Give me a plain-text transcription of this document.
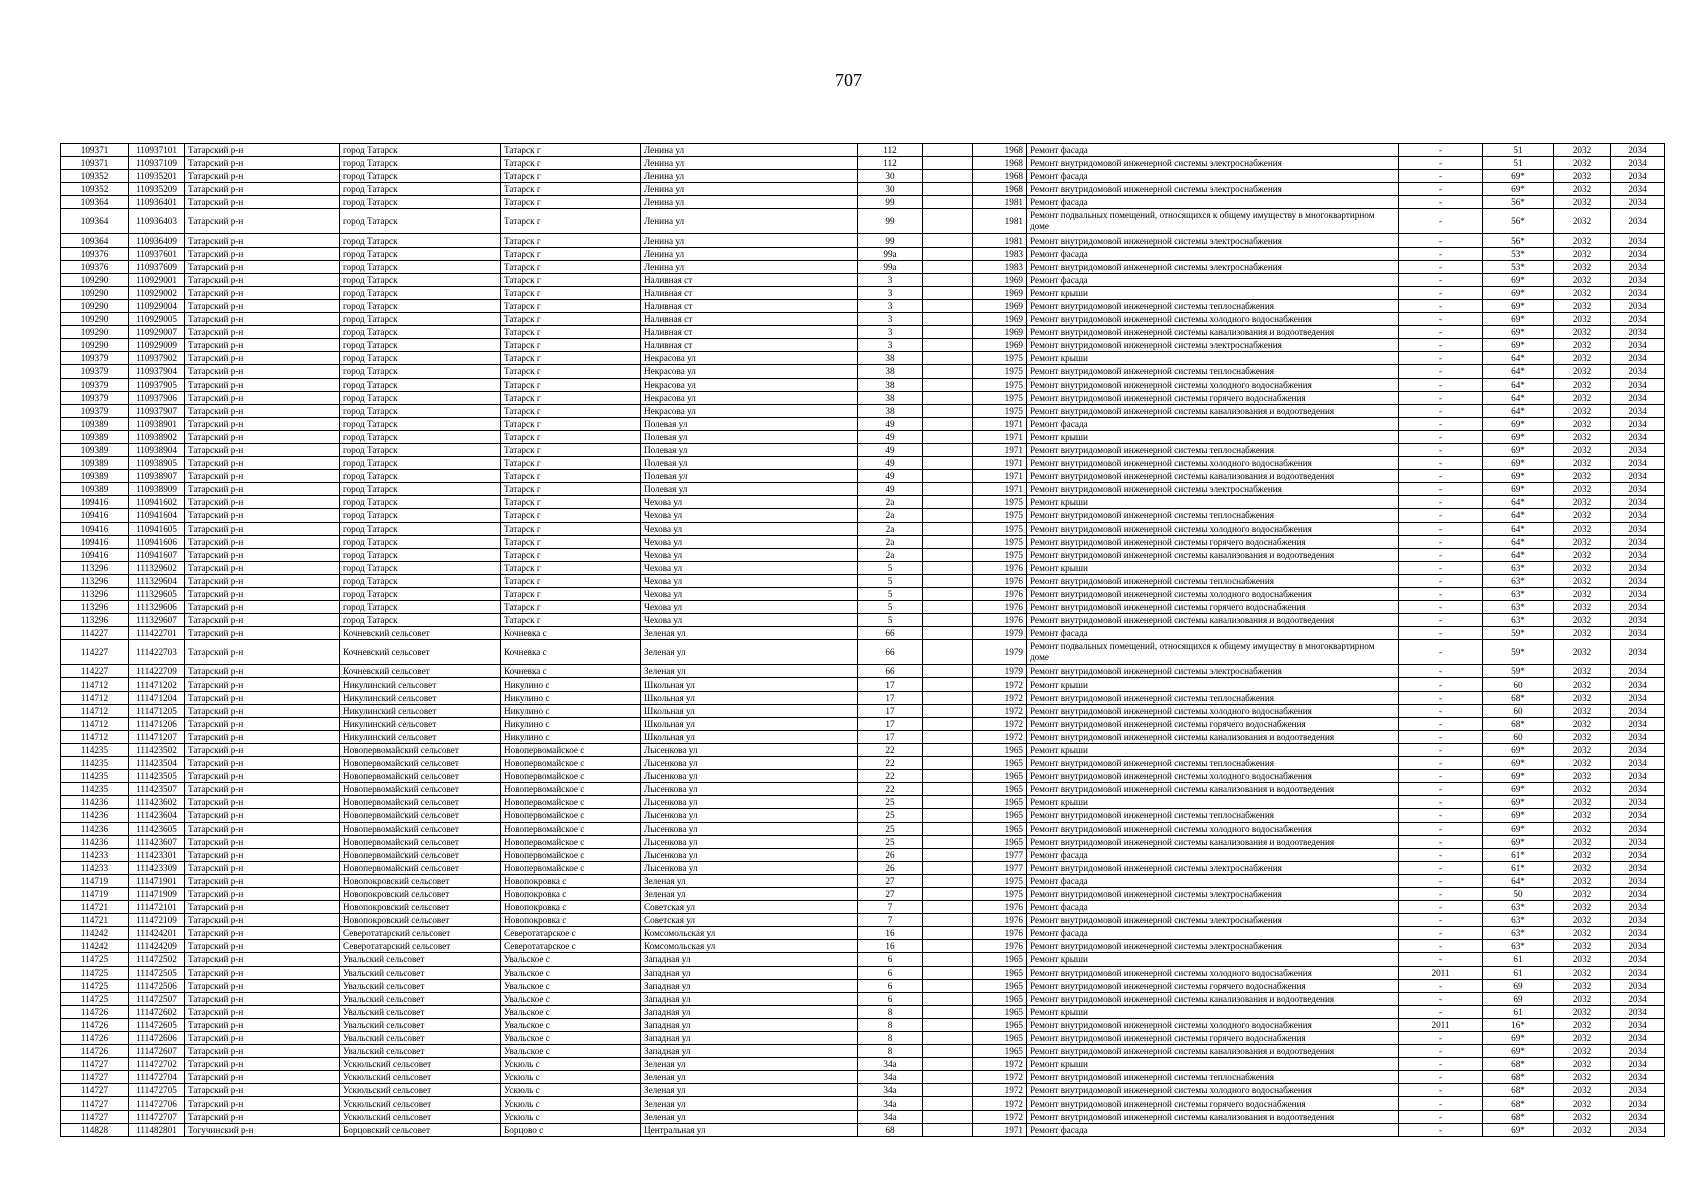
707
109371	110937101	Татарский р-н	город Татарск	Татарск г	Ленина ул	112		1968	Ремонт фасада	-	51	2032	2034
109371	110937109	Татарский р-н	город Татарск	Татарск г	Ленина ул	112		1968	Ремонт внутридомовой инженерной системы электроснабжения	-	51	2032	2034
109352	110935201	Татарский р-н	город Татарск	Татарск г	Ленина ул	30		1968	Ремонт фасада	-	69*	2032	2034
109352	110935209	Татарский р-н	город Татарск	Татарск г	Ленина ул	30		1968	Ремонт внутридомовой инженерной системы электроснабжения	-	69*	2032	2034
109364	110936401	Татарский р-н	город Татарск	Татарск г	Ленина ул	99		1981	Ремонт фасада	-	56*	2032	2034
109364	110936403	Татарский р-н	город Татарск	Татарск г	Ленина ул	99		1981	Ремонт подвальных помещений, относящихся к общему имуществу в многоквартирном доме	-	56*	2032	2034
109364	110936409	Татарский р-н	город Татарск	Татарск г	Ленина ул	99		1981	Ремонт внутридомовой инженерной системы электроснабжения	-	56*	2032	2034
109376	110937601	Татарский р-н	город Татарск	Татарск г	Ленина ул	99а		1983	Ремонт фасада	-	53*	2032	2034
109376	110937609	Татарский р-н	город Татарск	Татарск г	Ленина ул	99а		1983	Ремонт внутридомовой инженерной системы электроснабжения	-	53*	2032	2034
109290	110929001	Татарский р-н	город Татарск	Татарск г	Наливная ст	3		1969	Ремонт фасада	-	69*	2032	2034
109290	110929002	Татарский р-н	город Татарск	Татарск г	Наливная ст	3		1969	Ремонт крыши	-	69*	2032	2034
109290	110929004	Татарский р-н	город Татарск	Татарск г	Наливная ст	3		1969	Ремонт внутридомовой инженерной системы теплоснабжения	-	69*	2032	2034
109290	110929005	Татарский р-н	город Татарск	Татарск г	Наливная ст	3		1969	Ремонт внутридомовой инженерной системы холодного водоснабжения	-	69*	2032	2034
109290	110929007	Татарский р-н	город Татарск	Татарск г	Наливная ст	3		1969	Ремонт внутридомовой инженерной системы канализования и водоотведения	-	69*	2032	2034
109290	110929009	Татарский р-н	город Татарск	Татарск г	Наливная ст	3		1969	Ремонт внутридомовой инженерной системы электроснабжения	-	69*	2032	2034
109379	110937902	Татарский р-н	город Татарск	Татарск г	Некрасова ул	38		1975	Ремонт крыши	-	64*	2032	2034
109379	110937904	Татарский р-н	город Татарск	Татарск г	Некрасова ул	38		1975	Ремонт внутридомовой инженерной системы теплоснабжения	-	64*	2032	2034
109379	110937905	Татарский р-н	город Татарск	Татарск г	Некрасова ул	38		1975	Ремонт внутридомовой инженерной системы холодного водоснабжения	-	64*	2032	2034
109379	110937906	Татарский р-н	город Татарск	Татарск г	Некрасова ул	38		1975	Ремонт внутридомовой инженерной системы горячего водоснабжения	-	64*	2032	2034
109379	110937907	Татарский р-н	город Татарск	Татарск г	Некрасова ул	38		1975	Ремонт внутридомовой инженерной системы канализования и водоотведения	-	64*	2032	2034
109389	110938901	Татарский р-н	город Татарск	Татарск г	Полевая ул	49		1971	Ремонт фасада	-	69*	2032	2034
109389	110938902	Татарский р-н	город Татарск	Татарск г	Полевая ул	49		1971	Ремонт крыши	-	69*	2032	2034
109389	110938904	Татарский р-н	город Татарск	Татарск г	Полевая ул	49		1971	Ремонт внутридомовой инженерной системы теплоснабжения	-	69*	2032	2034
109389	110938905	Татарский р-н	город Татарск	Татарск г	Полевая ул	49		1971	Ремонт внутридомовой инженерной системы холодного водоснабжения	-	69*	2032	2034
109389	110938907	Татарский р-н	город Татарск	Татарск г	Полевая ул	49		1971	Ремонт внутридомовой инженерной системы канализования и водоотведения	-	69*	2032	2034
109389	110938909	Татарский р-н	город Татарск	Татарск г	Полевая ул	49		1971	Ремонт внутридомовой инженерной системы электроснабжения	-	69*	2032	2034
109416	110941602	Татарский р-н	город Татарск	Татарск г	Чехова ул	2а		1975	Ремонт крыши	-	64*	2032	2034
109416	110941604	Татарский р-н	город Татарск	Татарск г	Чехова ул	2а		1975	Ремонт внутридомовой инженерной системы теплоснабжения	-	64*	2032	2034
109416	110941605	Татарский р-н	город Татарск	Татарск г	Чехова ул	2а		1975	Ремонт внутридомовой инженерной системы холодного водоснабжения	-	64*	2032	2034
109416	110941606	Татарский р-н	город Татарск	Татарск г	Чехова ул	2а		1975	Ремонт внутридомовой инженерной системы горячего водоснабжения	-	64*	2032	2034
109416	110941607	Татарский р-н	город Татарск	Татарск г	Чехова ул	2а		1975	Ремонт внутридомовой инженерной системы канализования и водоотведения	-	64*	2032	2034
113296	111329602	Татарский р-н	город Татарск	Татарск г	Чехова ул	5		1976	Ремонт крыши	-	63*	2032	2034
113296	111329604	Татарский р-н	город Татарск	Татарск г	Чехова ул	5		1976	Ремонт внутридомовой инженерной системы теплоснабжения	-	63*	2032	2034
113296	111329605	Татарский р-н	город Татарск	Татарск г	Чехова ул	5		1976	Ремонт внутридомовой инженерной системы холодного водоснабжения	-	63*	2032	2034
113296	111329606	Татарский р-н	город Татарск	Татарск г	Чехова ул	5		1976	Ремонт внутридомовой инженерной системы горячего водоснабжения	-	63*	2032	2034
113296	111329607	Татарский р-н	город Татарск	Татарск г	Чехова ул	5		1976	Ремонт внутридомовой инженерной системы канализования и водоотведения	-	63*	2032	2034
114227	111422701	Татарский р-н	Кочневский сельсовет	Кочневка с	Зеленая ул	66		1979	Ремонт фасада	-	59*	2032	2034
114227	111422703	Татарский р-н	Кочневский сельсовет	Кочневка с	Зеленая ул	66		1979	Ремонт подвальных помещений, относящихся к общему имуществу в многоквартирном доме	-	59*	2032	2034
114227	111422709	Татарский р-н	Кочневский сельсовет	Кочневка с	Зеленая ул	66		1979	Ремонт внутридомовой инженерной системы электроснабжения	-	59*	2032	2034
114712	111471202	Татарский р-н	Никулинский сельсовет	Никулино с	Школьная ул	17		1972	Ремонт крыши	-	60	2032	2034
114712	111471204	Татарский р-н	Никулинский сельсовет	Никулино с	Школьная ул	17		1972	Ремонт внутридомовой инженерной системы теплоснабжения	-	68*	2032	2034
114712	111471205	Татарский р-н	Никулинский сельсовет	Никулино с	Школьная ул	17		1972	Ремонт внутридомовой инженерной системы холодного водоснабжения	-	60	2032	2034
114712	111471206	Татарский р-н	Никулинский сельсовет	Никулино с	Школьная ул	17		1972	Ремонт внутридомовой инженерной системы горячего водоснабжения	-	68*	2032	2034
114712	111471207	Татарский р-н	Никулинский сельсовет	Никулино с	Школьная ул	17		1972	Ремонт внутридомовой инженерной системы канализования и водоотведения	-	60	2032	2034
114235	111423502	Татарский р-н	Новопервомайский сельсовет	Новопервомайское с	Лысенкова ул	22		1965	Ремонт крыши	-	69*	2032	2034
114235	111423504	Татарский р-н	Новопервомайский сельсовет	Новопервомайское с	Лысенкова ул	22		1965	Ремонт внутридомовой инженерной системы теплоснабжения	-	69*	2032	2034
114235	111423505	Татарский р-н	Новопервомайский сельсовет	Новопервомайское с	Лысенкова ул	22		1965	Ремонт внутридомовой инженерной системы холодного водоснабжения	-	69*	2032	2034
114235	111423507	Татарский р-н	Новопервомайский сельсовет	Новопервомайское с	Лысенкова ул	22		1965	Ремонт внутридомовой инженерной системы канализования и водоотведения	-	69*	2032	2034
114236	111423602	Татарский р-н	Новопервомайский сельсовет	Новопервомайское с	Лысенкова ул	25		1965	Ремонт крыши	-	69*	2032	2034
114236	111423604	Татарский р-н	Новопервомайский сельсовет	Новопервомайское с	Лысенкова ул	25		1965	Ремонт внутридомовой инженерной системы теплоснабжения	-	69*	2032	2034
114236	111423605	Татарский р-н	Новопервомайский сельсовет	Новопервомайское с	Лысенкова ул	25		1965	Ремонт внутридомовой инженерной системы холодного водоснабжения	-	69*	2032	2034
114236	111423607	Татарский р-н	Новопервомайский сельсовет	Новопервомайское с	Лысенкова ул	25		1965	Ремонт внутридомовой инженерной системы канализования и водоотведения	-	69*	2032	2034
114233	111423301	Татарский р-н	Новопервомайский сельсовет	Новопервомайское с	Лысенкова ул	26		1977	Ремонт фасада	-	61*	2032	2034
114233	111423309	Татарский р-н	Новопервомайский сельсовет	Новопервомайское с	Лысенкова ул	26		1977	Ремонт внутридомовой инженерной системы электроснабжения	-	61*	2032	2034
114719	111471901	Татарский р-н	Новопокровский сельсовет	Новопокровка с	Зеленая ул	27		1975	Ремонт фасада	-	64*	2032	2034
114719	111471909	Татарский р-н	Новопокровский сельсовет	Новопокровка с	Зеленая ул	27		1975	Ремонт внутридомовой инженерной системы электроснабжения	-	50	2032	2034
114721	111472101	Татарский р-н	Новопокровский сельсовет	Новопокровка с	Советская ул	7		1976	Ремонт фасада	-	63*	2032	2034
114721	111472109	Татарский р-н	Новопокровский сельсовет	Новопокровка с	Советская ул	7		1976	Ремонт внутридомовой инженерной системы электроснабжения	-	63*	2032	2034
114242	111424201	Татарский р-н	Северотатарский сельсовет	Северотатарское с	Комсомольская ул	16		1976	Ремонт фасада	-	63*	2032	2034
114242	111424209	Татарский р-н	Северотатарский сельсовет	Северотатарское с	Комсомольская ул	16		1976	Ремонт внутридомовой инженерной системы электроснабжения	-	63*	2032	2034
114725	111472502	Татарский р-н	Увальский сельсовет	Увальское с	Западная ул	6		1965	Ремонт крыши	-	61	2032	2034
114725	111472505	Татарский р-н	Увальский сельсовет	Увальское с	Западная ул	6		1965	Ремонт внутридомовой инженерной системы холодного водоснабжения	2011	61	2032	2034
114725	111472506	Татарский р-н	Увальский сельсовет	Увальское с	Западная ул	6		1965	Ремонт внутридомовой инженерной системы горячего водоснабжения	-	69	2032	2034
114725	111472507	Татарский р-н	Увальский сельсовет	Увальское с	Западная ул	6		1965	Ремонт внутридомовой инженерной системы канализования и водоотведения	-	69	2032	2034
114726	111472602	Татарский р-н	Увальский сельсовет	Увальское с	Западная ул	8		1965	Ремонт крыши	-	61	2032	2034
114726	111472605	Татарский р-н	Увальский сельсовет	Увальское с	Западная ул	8		1965	Ремонт внутридомовой инженерной системы холодного водоснабжения	2011	16*	2032	2034
114726	111472606	Татарский р-н	Увальский сельсовет	Увальское с	Западная ул	8		1965	Ремонт внутридомовой инженерной системы горячего водоснабжения	-	69*	2032	2034
114726	111472607	Татарский р-н	Увальский сельсовет	Увальское с	Западная ул	8		1965	Ремонт внутридомовой инженерной системы канализования и водоотведения	-	69*	2032	2034
114727	111472702	Татарский р-н	Ускюльский сельсовет	Ускюль с	Зеленая ул	34а		1972	Ремонт крыши	-	68*	2032	2034
114727	111472704	Татарский р-н	Ускюльский сельсовет	Ускюль с	Зеленая ул	34а		1972	Ремонт внутридомовой инженерной системы теплоснабжения	-	68*	2032	2034
114727	111472705	Татарский р-н	Ускюльский сельсовет	Ускюль с	Зеленая ул	34а		1972	Ремонт внутридомовой инженерной системы холодного водоснабжения	-	68*	2032	2034
114727	111472706	Татарский р-н	Ускюльский сельсовет	Ускюль с	Зеленая ул	34а		1972	Ремонт внутридомовой инженерной системы горячего водоснабжения	-	68*	2032	2034
114727	111472707	Татарский р-н	Ускюльский сельсовет	Ускюль с	Зеленая ул	34а		1972	Ремонт внутридомовой инженерной системы канализования и водоотведения	-	68*	2032	2034
114828	111482801	Тогучинский р-н	Борцовский сельсовет	Борцово с	Центральная ул	68		1971	Ремонт фасада	-	69*	2032	2034
